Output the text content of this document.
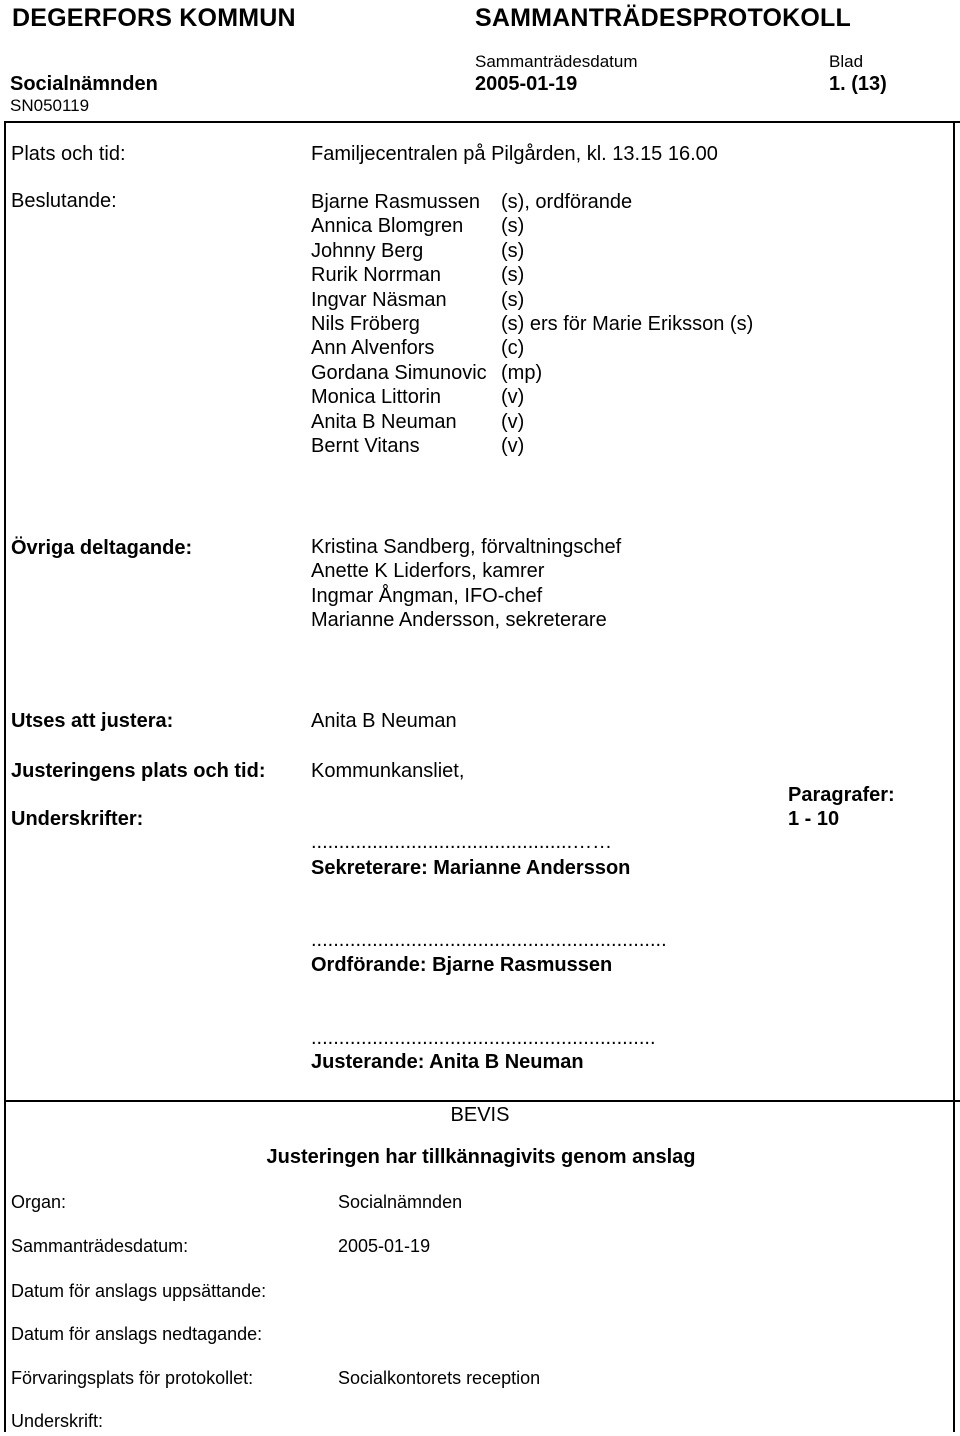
DEGERFORS KOMMUN	SAMMANTRÄDESPROTOKOLL
Sammanträdesdatum	Blad
Socialnämnden	2005-01-19	1. (13)
SN050119
Plats och tid:	Familjecentralen på Pilgården, kl. 13.15 16.00
Beslutande:	Bjarne Rasmussen (s), ordförande
Annica Blomgren (s)
Johnny Berg	(s)
Rurik Norrman	(s)
Ingvar Näsman	(s)
Nils Fröberg	(s) ers för Marie Eriksson (s)
Ann Alvenfors	(c)
Gordana Simunovic (mp)
Monica Littorin	(v)
Anita B Neuman (v)
Bernt Vitans	(v)
Övriga deltagande:	Kristina Sandberg, förvaltningschef
Anette K Liderfors, kamrer
Ingmar Ångman, IFO-chef
Marianne Andersson, sekreterare
Utses att justera:	Anita B Neuman
Justeringens plats och tid: Kommunkansliet,
Paragrafer:
1 - 10
Underskrifter:
...............................................……
Sekreterare: Marianne Andersson
................................................................
Ordförande: Bjarne Rasmussen
..............................................................
Justerande: Anita B Neuman
BEVIS
Justeringen har tillkännagivits genom anslag
Organ:	Socialnämnden
Sammanträdesdatum:	2005-01-19
Datum för anslags uppsättande:
Datum för anslags nedtagande:
Förvaringsplats för protokollet:	Socialkontorets reception
Underskrift:
